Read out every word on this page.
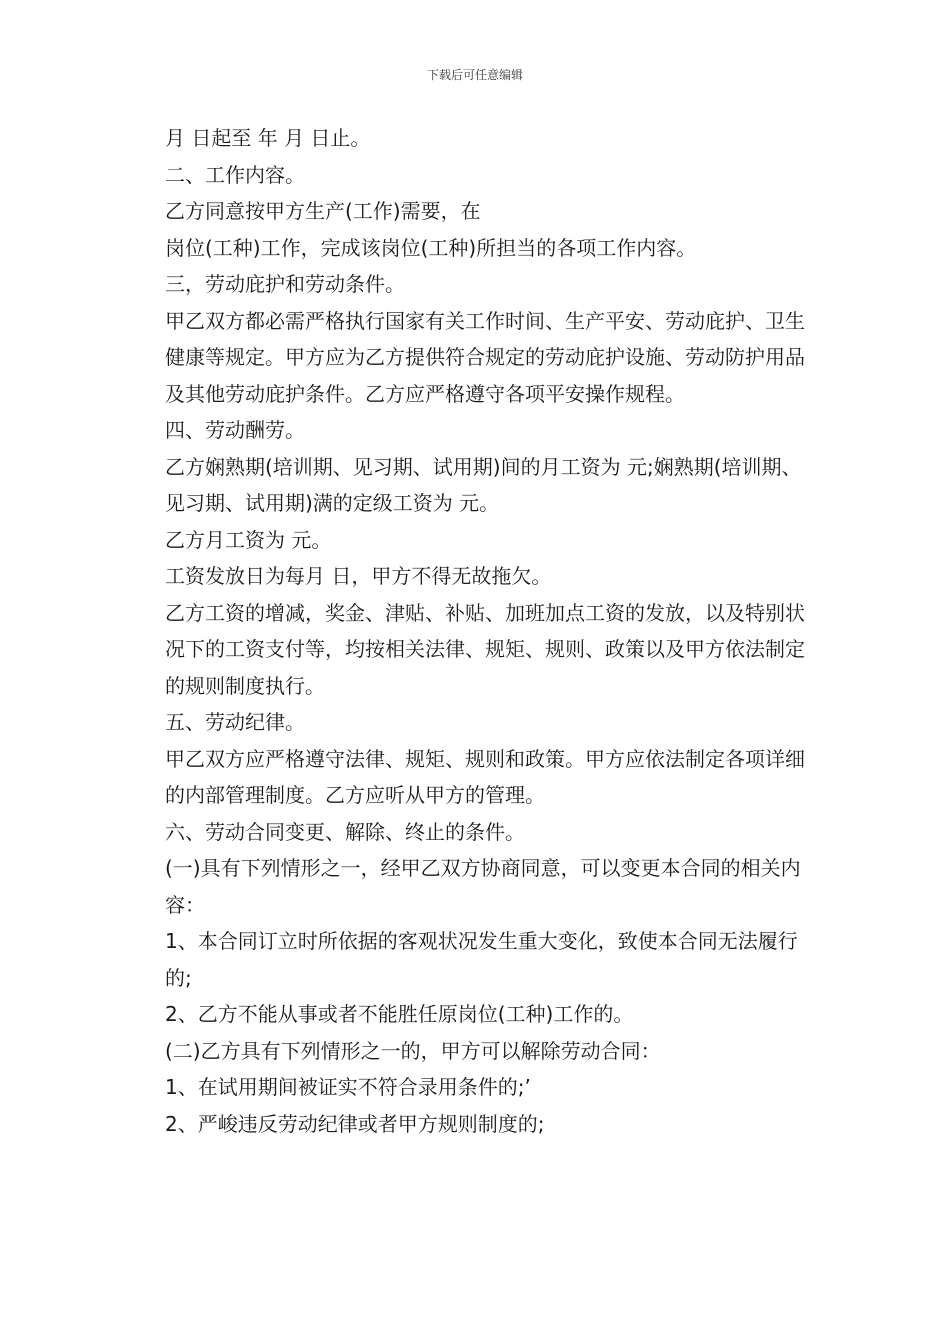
下载后可任意编辑

月 日起至 年 月 日止。

二、工作内容。

乙方同意按甲方生产(工作)需要，在

岗位(工种)工作，完成该岗位(工种)所担当的各项工作内容。

三，劳动庇护和劳动条件。

甲乙双方都必需严格执行国家有关工作时间、生产平安、劳动庇护、卫生健康等规定。甲方应为乙方提供符合规定的劳动庇护设施、劳动防护用品及其他劳动庇护条件。乙方应严格遵守各项平安操作规程。

四、劳动酬劳。

乙方娴熟期(培训期、见习期、试用期)间的月工资为 元;娴熟期(培训期、见习期、试用期)满的定级工资为 元。

乙方月工资为 元。

工资发放日为每月 日，甲方不得无故拖欠。

乙方工资的增减，奖金、津贴、补贴、加班加点工资的发放，以及特别状况下的工资支付等，均按相关法律、规矩、规则、政策以及甲方依法制定的规则制度执行。

五、劳动纪律。

甲乙双方应严格遵守法律、规矩、规则和政策。甲方应依法制定各项详细的内部管理制度。乙方应听从甲方的管理。

六、劳动合同变更、解除、终止的条件。

(一)具有下列情形之一，经甲乙双方协商同意，可以变更本合同的相关内容：

1、本合同订立时所依据的客观状况发生重大变化，致使本合同无法履行的;

2、乙方不能从事或者不能胜任原岗位(工种)工作的。

(二)乙方具有下列情形之一的，甲方可以解除劳动合同：

1、在试用期间被证实不符合录用条件的;’

2、严峻违反劳动纪律或者甲方规则制度的;
